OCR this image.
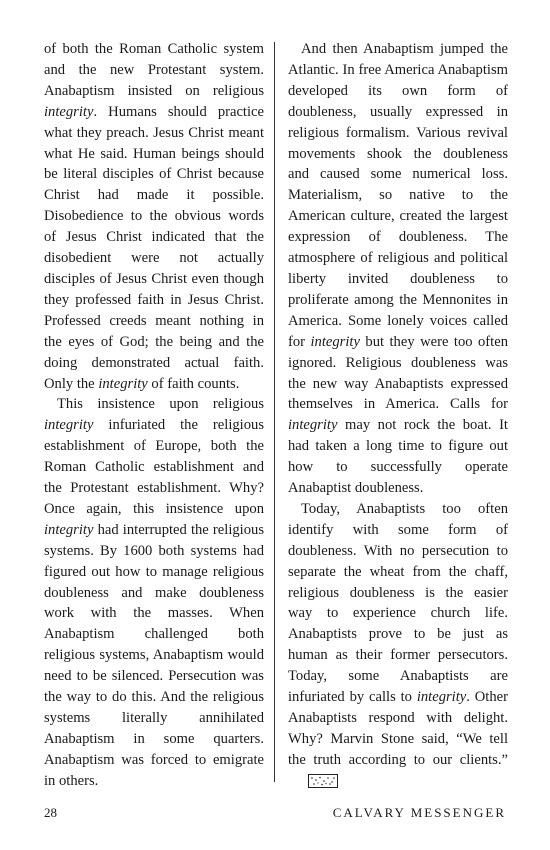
of both the Roman Catholic system and the new Protestant system. Anabaptism insisted on religious integrity. Humans should practice what they preach. Jesus Christ meant what He said. Human beings should be literal disciples of Christ because Christ had made it possible. Disobedience to the obvious words of Jesus Christ indicated that the disobedient were not actually disciples of Jesus Christ even though they professed faith in Jesus Christ. Professed creeds meant nothing in the eyes of God; the being and the doing demonstrated actual faith. Only the integrity of faith counts.

This insistence upon religious integrity infuriated the religious establishment of Europe, both the Roman Catholic establishment and the Protestant establishment. Why? Once again, this insistence upon integrity had interrupted the religious systems. By 1600 both systems had figured out how to manage religious doubleness and make doubleness work with the masses. When Anabaptism challenged both religious systems, Anabaptism would need to be silenced. Persecution was the way to do this. And the religious systems literally annihilated Anabaptism in some quarters. Anabaptism was forced to emigrate in others.

And then Anabaptism jumped the Atlantic. In free America Anabaptism developed its own form of doubleness, usually expressed in religious formalism. Various revival movements shook the doubleness and caused some numerical loss. Materialism, so native to the American culture, created the largest expression of doubleness. The atmosphere of religious and political liberty invited doubleness to proliferate among the Mennonites in America. Some lonely voices called for integrity but they were too often ignored. Religious doubleness was the new way Anabaptists expressed themselves in America. Calls for integrity may not rock the boat. It had taken a long time to figure out how to successfully operate Anabaptist doubleness.

Today, Anabaptists too often identify with some form of doubleness. With no persecution to separate the wheat from the chaff, religious doubleness is the easier way to experience church life. Anabaptists prove to be just as human as their former persecutors. Today, some Anabaptists are infuriated by calls to integrity. Other Anabaptists respond with delight. Why? Marvin Stone said, “We tell the truth according to our clients.”

28	CALVARY MESSENGER
